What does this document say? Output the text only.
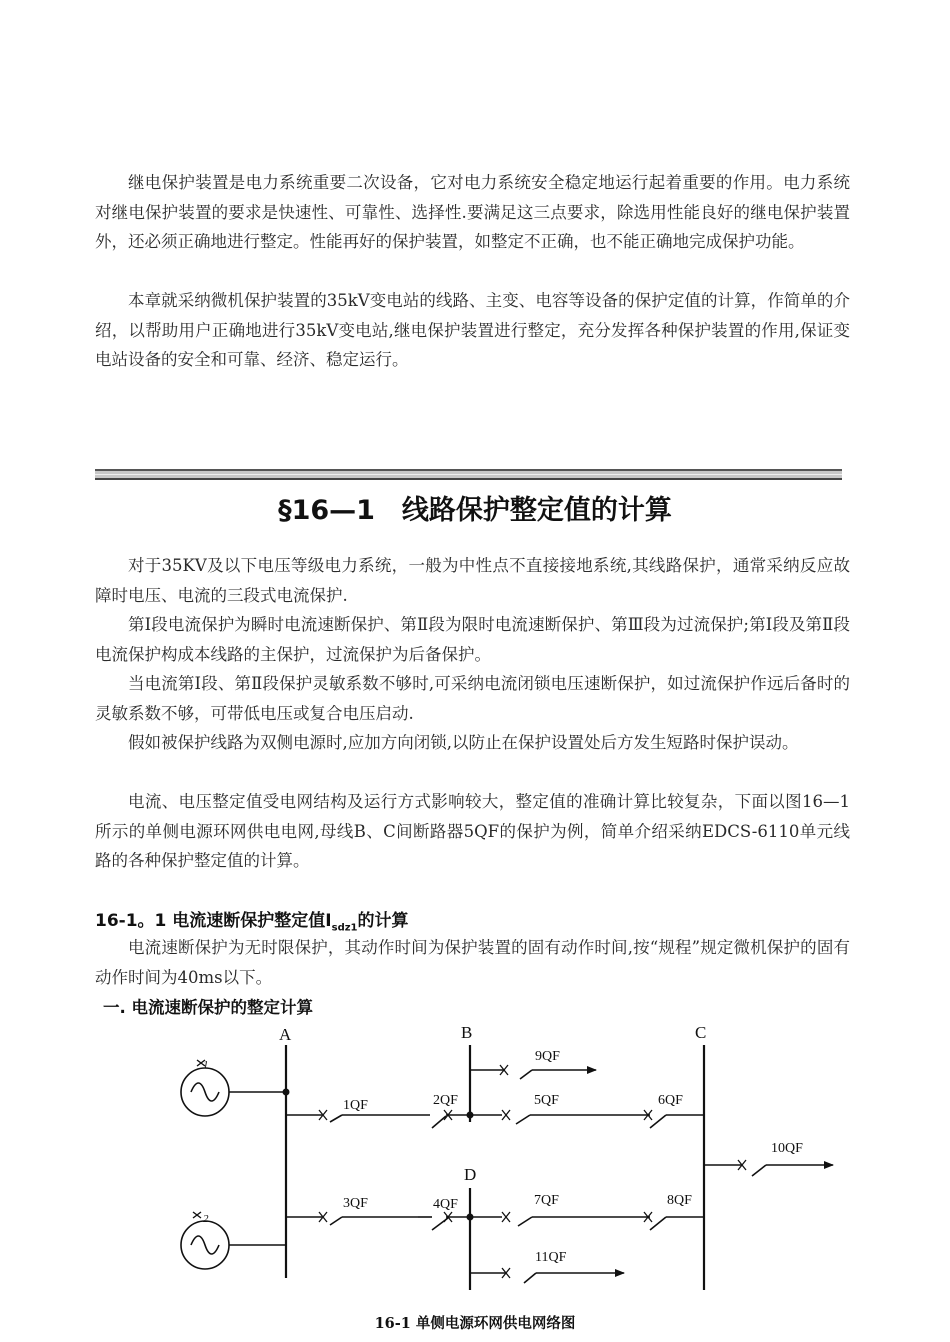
继电保护装置是电力系统重要二次设备，它对电力系统安全稳定地运行起着重要的作用。电力系统对继电保护装置的要求是快速性、可靠性、选择性.要满足这三点要求，除选用性能良好的继电保护装置外，还必须正确地进行整定。性能再好的保护装置，如整定不正确，也不能正确地完成保护功能。

本章就采纳微机保护装置的35kV变电站的线路、主变、电容等设备的保护定值的计算，作简单的介绍，以帮助用户正确地进行35kV变电站,继电保护装置进行整定，充分发挥各种保护装置的作用,保证变电站设备的安全和可靠、经济、稳定运行。

§16—1　线路保护整定值的计算

对于35KV及以下电压等级电力系统，一般为中性点不直接接地系统,其线路保护，通常采纳反应故障时电压、电流的三段式电流保护.

第Ⅰ段电流保护为瞬时电流速断保护、第Ⅱ段为限时电流速断保护、第Ⅲ段为过流保护;第Ⅰ段及第Ⅱ段电流保护构成本线路的主保护，过流保护为后备保护。

当电流第Ⅰ段、第Ⅱ段保护灵敏系数不够时,可采纳电流闭锁电压速断保护，如过流保护作远后备时的灵敏系数不够，可带低电压或复合电压启动.

假如被保护线路为双侧电源时,应加方向闭锁,以防止在保护设置处后方发生短路时保护误动。

电流、电压整定值受电网结构及运行方式影响较大，整定值的准确计算比较复杂，下面以图16—1所示的单侧电源环网供电电网,母线B、C间断路器5QF的保护为例，简单介绍采纳EDCS-6110单元线路的各种保护整定值的计算。

16-1。1 电流速断保护整定值$I_{sdz1}$的计算

电流速断保护为无时限保护，其动作时间为保护装置的固有动作时间,按“规程”规定微机保护的固有动作时间为40ms以下。

一. 电流速断保护的整定计算
A	B	C
D
1
2
1QF	2QF	5QF	6QF
9QF
10QF
3QF	4QF	7QF	8QF
11QF
16-1 单侧电源环网供电网络图
